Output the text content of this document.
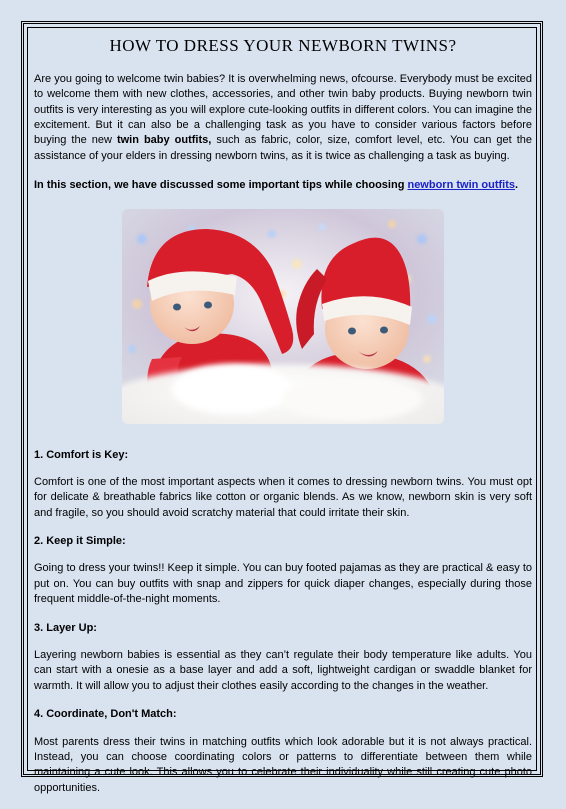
HOW TO DRESS YOUR NEWBORN TWINS?

Are you going to welcome twin babies? It is overwhelming news, ofcourse. Everybody must be excited to welcome them with new clothes, accessories, and other twin baby products. Buying newborn twin outfits is very interesting as you will explore cute-looking outfits in different colors. You can imagine the excitement. But it can also be a challenging task as you have to consider various factors before buying the new twin baby outfits, such as fabric, color, size, comfort level, etc. You can get the assistance of your elders in dressing newborn twins, as it is twice as challenging a task as buying.

In this section, we have discussed some important tips while choosing newborn twin outfits.

1. Comfort is Key:

Comfort is one of the most important aspects when it comes to dressing newborn twins. You must opt for delicate & breathable fabrics like cotton or organic blends. As we know, newborn skin is very soft and fragile, so you should avoid scratchy material that could irritate their skin.

2. Keep it Simple:

Going to dress your twins!! Keep it simple. You can buy footed pajamas as they are practical & easy to put on. You can buy outfits with snap and zippers for quick diaper changes, especially during those frequent middle-of-the-night moments.

3. Layer Up:

Layering newborn babies is essential as they can’t regulate their body temperature like adults. You can start with a onesie as a base layer and add a soft, lightweight cardigan or swaddle blanket for warmth. It will allow you to adjust their clothes easily according to the changes in the weather.

4. Coordinate, Don't Match:

Most parents dress their twins in matching outfits which look adorable but it is not always practical. Instead, you can choose coordinating colors or patterns to differentiate between them while maintaining a cute look. This allows you to celebrate their individuality while still creating cute photo opportunities.
